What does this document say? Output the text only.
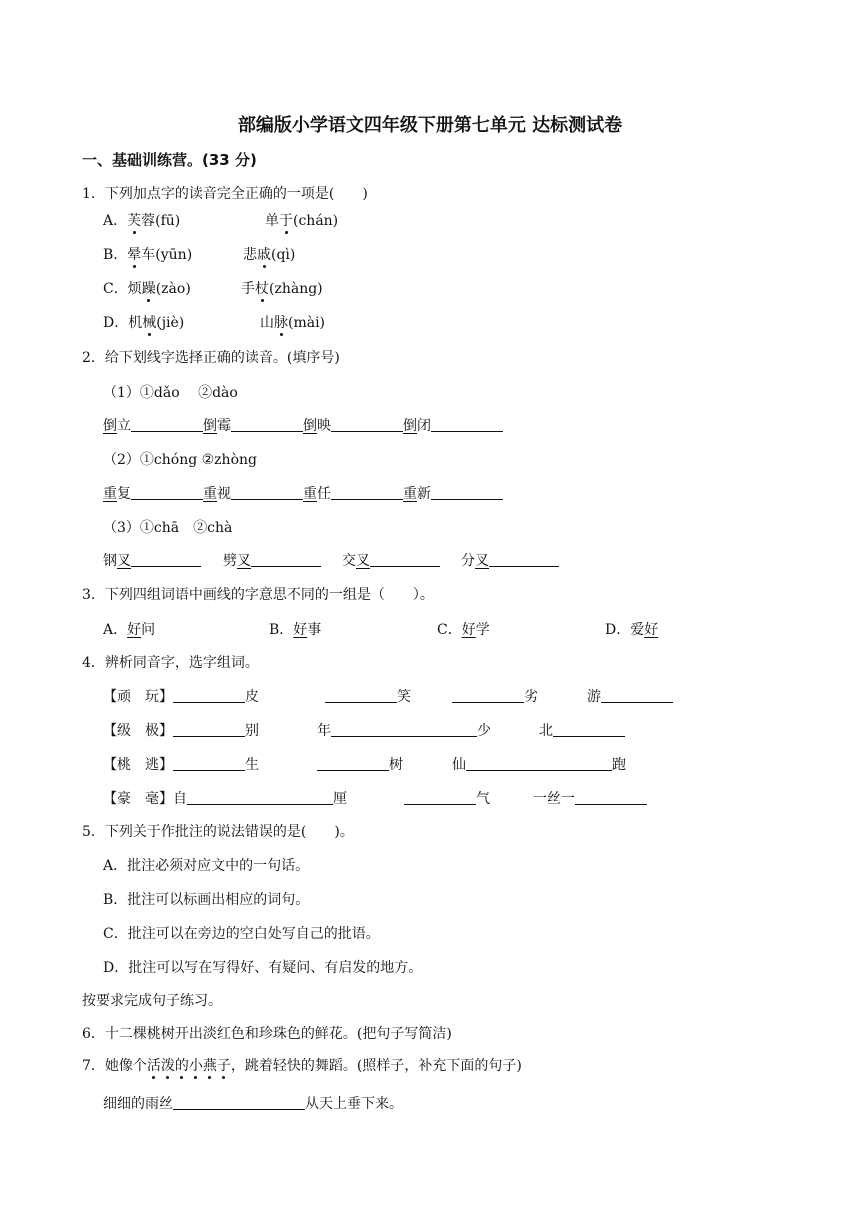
部编版小学语文四年级下册第七单元 达标测试卷
一、基础训练营。(33 分)
1．下列加点字的读音完全正确的一项是(　　)
A．芙蓉(fū)	单于(chán)
B．晕车(yūn)	悲戚(qì)
C．烦躁(zào)	手杖(zhàng)
D．机械(jiè)	山脉(mài)
2．给下划线字选择正确的读音。(填序号)
（1）①dǎo　 ②dào
倒立	倒霉	倒映	倒闭
（2）①chóng ②zhòng
重复	重视	重任	重新
（3）①chā　②chà
钢叉	劈叉	交叉	分叉
3．下列四组词语中画线的字意思不同的一组是（　　）。
A．好问	B．好事	C．好学	D．爱好
4．辨析同音字，选字组词。
【顽　玩】	皮	笑	劣	游
【级　极】	别	年	少	北
【桃　逃】	生	树	仙	跑
【豪　毫】自	厘	气	一丝一
5．下列关于作批注的说法错误的是(　　)。
A．批注必须对应文中的一句话。
B．批注可以标画出相应的词句。
C．批注可以在旁边的空白处写自己的批语。
D．批注可以写在写得好、有疑问、有启发的地方。
按要求完成句子练习。
6．十二棵桃树开出淡红色和珍珠色的鲜花。(把句子写简洁)
7．她像个活泼的小燕子，跳着轻快的舞蹈。(照样子，补充下面的句子)
细细的雨丝	从天上垂下来。
